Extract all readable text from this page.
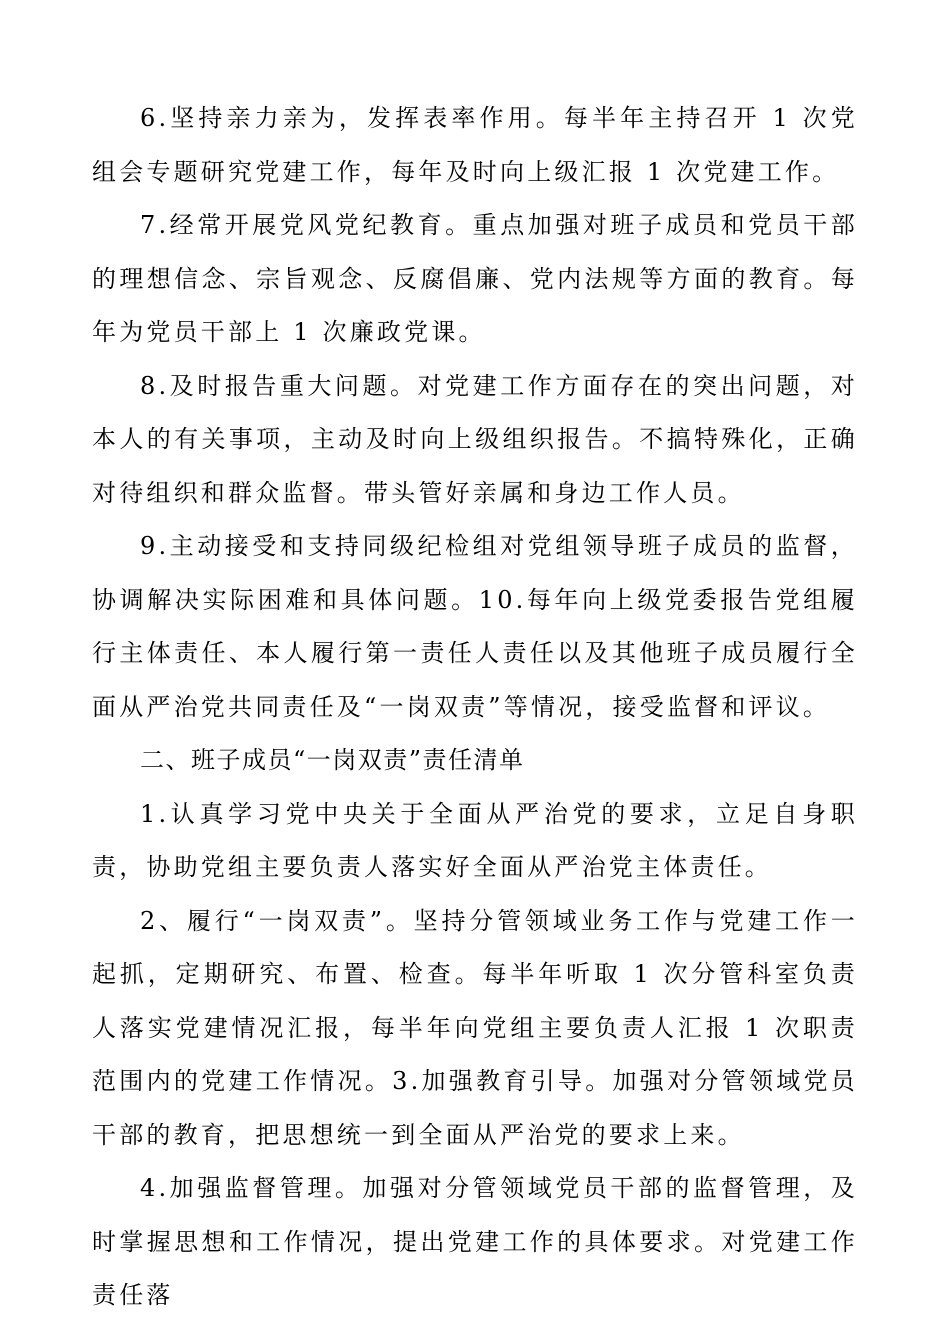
6.坚持亲力亲为，发挥表率作用。每半年主持召开 1 次党组会专题研究党建工作，每年及时向上级汇报 1 次党建工作。

7.经常开展党风党纪教育。重点加强对班子成员和党员干部的理想信念、宗旨观念、反腐倡廉、党内法规等方面的教育。每年为党员干部上 1 次廉政党课。

8.及时报告重大问题。对党建工作方面存在的突出问题，对本人的有关事项，主动及时向上级组织报告。不搞特殊化，正确对待组织和群众监督。带头管好亲属和身边工作人员。

9.主动接受和支持同级纪检组对党组领导班子成员的监督，协调解决实际困难和具体问题。10.每年向上级党委报告党组履行主体责任、本人履行第一责任人责任以及其他班子成员履行全面从严治党共同责任及“一岗双责”等情况，接受监督和评议。

二、班子成员“一岗双责”责任清单

1.认真学习党中央关于全面从严治党的要求，立足自身职责，协助党组主要负责人落实好全面从严治党主体责任。

2、履行“一岗双责”。坚持分管领域业务工作与党建工作一起抓，定期研究、布置、检查。每半年听取 1 次分管科室负责人落实党建情况汇报，每半年向党组主要负责人汇报 1 次职责范围内的党建工作情况。3.加强教育引导。加强对分管领域党员干部的教育，把思想统一到全面从严治党的要求上来。

4.加强监督管理。加强对分管领域党员干部的监督管理，及时掌握思想和工作情况，提出党建工作的具体要求。对党建工作责任落
